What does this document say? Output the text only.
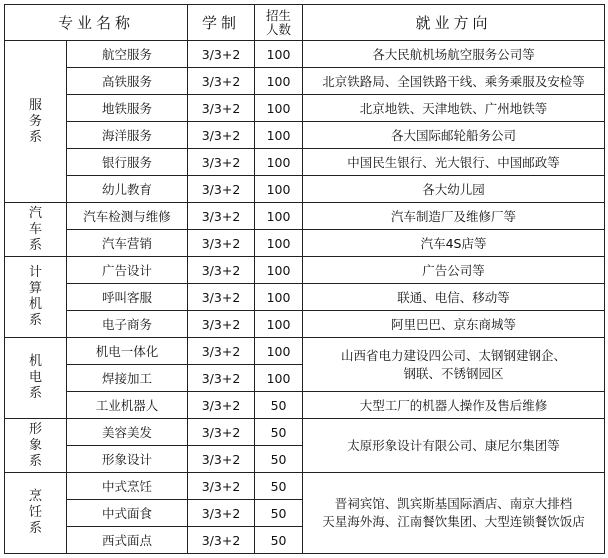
专业名称		学制	招生
人数	就业方向

服
务
系	航空服务	3/3+2	100	各大民航机场航空服务公司等
	高铁服务	3/3+2	100	北京铁路局、全国铁路干线、乘务乘服及安检等
	地铁服务	3/3+2	100	北京地铁、天津地铁、广州地铁等
	海洋服务	3/3+2	100	各大国际邮轮船务公司
	银行服务	3/3+2	100	中国民生银行、光大银行、中国邮政等
	幼儿教育	3/3+2	100	各大幼儿园

汽
车
系	汽车检测与维修	3/3+2	100	汽车制造厂及维修厂等
	汽车营销	3/3+2	100	汽车4S店等

计
算
机
系	广告设计	3/3+2	100	广告公司等
	呼叫客服	3/3+2	100	联通、电信、移动等
	电子商务	3/3+2	100	阿里巴巴、京东商城等

机
电
系	机电一体化	3/3+2	100	山西省电力建设四公司、太钢钢建钢企、
钢联、不锈钢园区

	焊接加工	3/3+2	100	
	工业机器人	3/3+2	50	大型工厂的机器人操作及售后维修

形
象
系	美容美发	3/3+2	50	太原形象设计有限公司、康尼尔集团等

	形象设计	3/3+2	50	

烹
饪
系	中式烹饪	3/3+2	50	晋祠宾馆、凯宾斯基国际酒店、南京大排档
天星海外海、江南餐饮集团、大型连锁餐饮饭店

	中式面食	3/3+2	50	
	西式面点	3/3+2	50	
